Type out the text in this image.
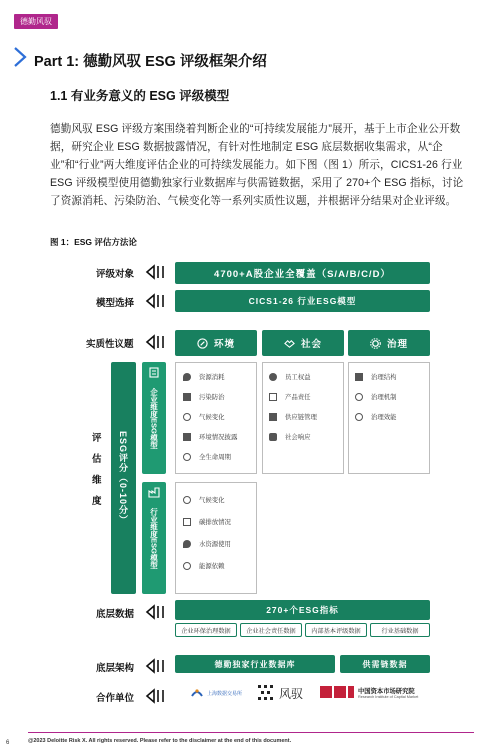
德勤风驭
Part 1: 德勤风驭 ESG 评级框架介绍
1.1 有业务意义的 ESG 评级模型
德勤风驭 ESG 评级方案围绕着判断企业的“可持续发展能力”展开，基于上市企业公开数据，研究企业 ESG 数据披露情况，有针对性地制定 ESG 底层数据收集需求，从“企业”和“行业”两大维度评估企业的可持续发展能力。如下图（图 1）所示，CICS1-26 行业 ESG 评级模型使用德勤独家行业数据库与供需链数据，采用了 270+个 ESG 指标，讨论了资源消耗、污染防治、气候变化等一系列实质性议题，并根据评分结果对企业评级。
图 1：ESG 评估方法论
评级对象	4700+A股企业全覆盖（S/A/B/C/D）
模型选择	CICS1-26 行业ESG模型
实质性议题	环境	社会	治理
评
估
维
度	ESG评分（0-10分）
企业维度ESG模型
资源消耗
污染防治
气候变化
环境情况披露
全生命周期
员工权益
产品责任
供应链管理
社会响应
治理结构
治理机制
治理效能
行业维度ESG模型
气候变化
碳排放情况
水资源使用
能源依赖
底层数据	270+个ESG指标
企业环保治理数据	企业社会责任数据	内部基本评级数据	行业基础数据
底层架构	德勤独家行业数据库	供需链数据
合作单位	上海数据交易所	风驭	中国资本市场研究院
Research Institute of Capital Market
6	@2023 Deloitte Risk X. All rights reserved. Please refer to the disclaimer at the end of this document.
